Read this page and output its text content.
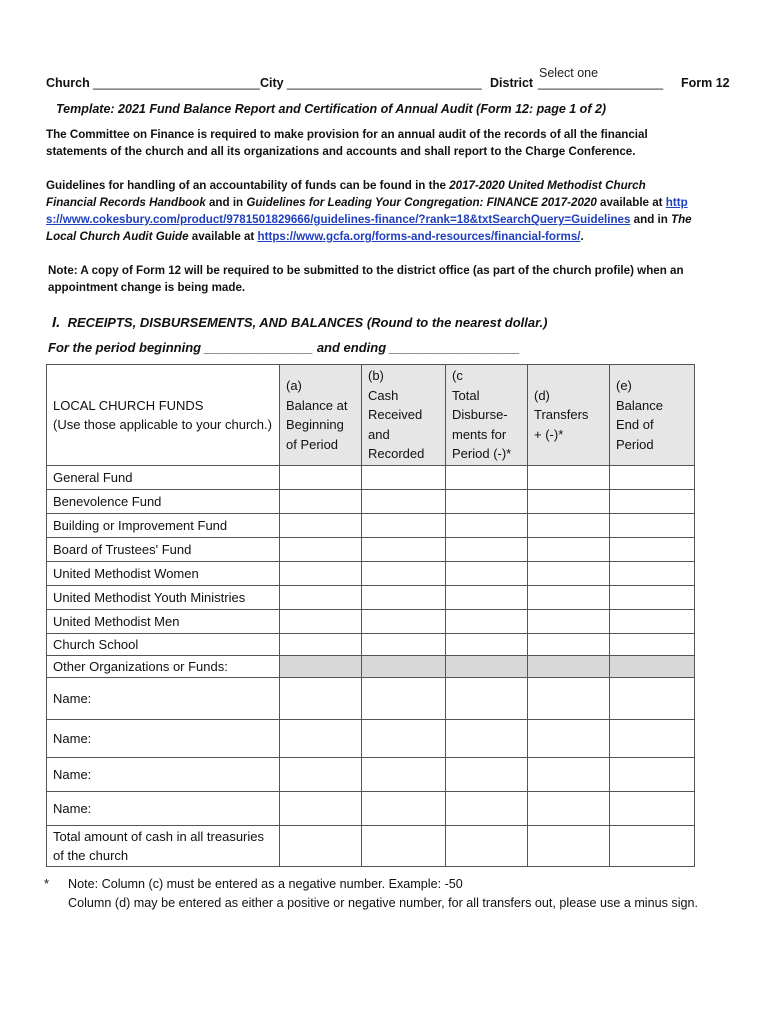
Select one
Church ________________________ City ____________________________ District __________________ Form 12
Template: 2021 Fund Balance Report and Certification of Annual Audit (Form 12: page 1 of 2)
The Committee on Finance is required to make provision for an annual audit of the records of all the financial statements of the church and all its organizations and accounts and shall report to the Charge Conference.
Guidelines for handling of an accountability of funds can be found in the 2017-2020 United Methodist Church Financial Records Handbook and in Guidelines for Leading Your Congregation: FINANCE 2017-2020 available at https://www.cokesbury.com/product/9781501829666/guidelines-finance/?rank=18&txtSearchQuery=Guidelines and in The Local Church Audit Guide available at https://www.gcfa.org/forms-and-resources/financial-forms/.
Note: A copy of Form 12 will be required to be submitted to the district office (as part of the church profile) when an appointment change is being made.
I. RECEIPTS, DISBURSEMENTS, AND BALANCES (Round to the nearest dollar.)
For the period beginning _______________ and ending __________________
LOCAL CHURCH FUNDS
(Use those applicable to your church.)	(a)
Balance at
Beginning
of Period	(b)
Cash
Received
and
Recorded	(c
Total
Disburse-
ments for
Period (-)*	(d)
Transfers
+ (-)*	(e)
Balance
End of
Period
General Fund					
Benevolence Fund					
Building or Improvement Fund					
Board of Trustees' Fund					
United Methodist Women					
United Methodist Youth Ministries					
United Methodist Men					
Church School					
Other Organizations or Funds:					
Name:					
Name:					
Name:					
Name:					
Total amount of cash in all treasuries of the church					
* Note: Column (c) must be entered as a negative number. Example: -50
Column (d) may be entered as either a positive or negative number, for all transfers out, please use a minus sign.
